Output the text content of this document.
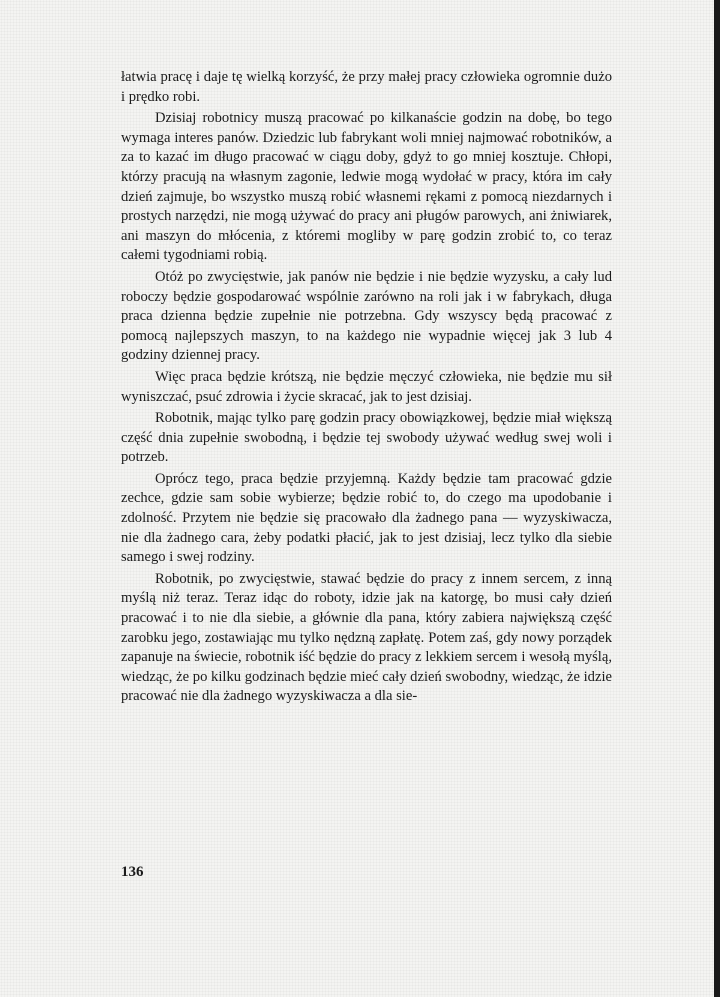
łatwia pracę i daje tę wielką korzyść, że przy małej pracy człowieka ogromnie dużo i prędko robi.

Dzisiaj robotnicy muszą pracować po kilkanaście godzin na dobę, bo tego wymaga interes panów. Dziedzic lub fabrykant woli mniej najmować robotników, a za to kazać im długo pracować w ciągu doby, gdyż to go mniej kosztuje. Chłopi, którzy pracują na własnym zagonie, ledwie mogą wydołać w pracy, która im cały dzień zajmuje, bo wszystko muszą robić własnemi rękami z pomocą niezdarnych i prostych narzędzi, nie mogą używać do pracy ani pługów parowych, ani żniwiarek, ani maszyn do młócenia, z któremi mogliby w parę godzin zrobić to, co teraz całemi tygodniami robią.

Otóż po zwycięstwie, jak panów nie będzie i nie będzie wyzysku, a cały lud roboczy będzie gospodarować wspólnie zarówno na roli jak i w fabrykach, długa praca dzienna będzie zupełnie nie potrzebna. Gdy wszyscy będą pracować z pomocą najlepszych maszyn, to na każdego nie wypadnie więcej jak 3 lub 4 godziny dziennej pracy.

Więc praca będzie krótszą, nie będzie męczyć człowieka, nie będzie mu sił wyniszczać, psuć zdrowia i życie skracać, jak to jest dzisiaj.

Robotnik, mając tylko parę godzin pracy obowiązkowej, będzie miał większą część dnia zupełnie swobodną, i będzie tej swobody używać według swej woli i potrzeb.

Oprócz tego, praca będzie przyjemną. Każdy będzie tam pracować gdzie zechce, gdzie sam sobie wybierze; będzie robić to, do czego ma upodobanie i zdolność. Przytem nie będzie się pracowało dla żadnego pana — wyzyskiwacza, nie dla żadnego cara, żeby podatki płacić, jak to jest dzisiaj, lecz tylko dla siebie samego i swej rodziny.

Robotnik, po zwycięstwie, stawać będzie do pracy z innem sercem, z inną myślą niż teraz. Teraz idąc do roboty, idzie jak na katorgę, bo musi cały dzień pracować i to nie dla siebie, a głównie dla pana, który zabiera największą część zarobku jego, zostawiając mu tylko nędzną zapłatę. Potem zaś, gdy nowy porządek zapanuje na świecie, robotnik iść będzie do pracy z lekkiem sercem i wesołą myślą, wiedząc, że po kilku godzinach będzie mieć cały dzień swobodny, wiedząc, że idzie pracować nie dla żadnego wyzyskiwacza a dla sie-

136
